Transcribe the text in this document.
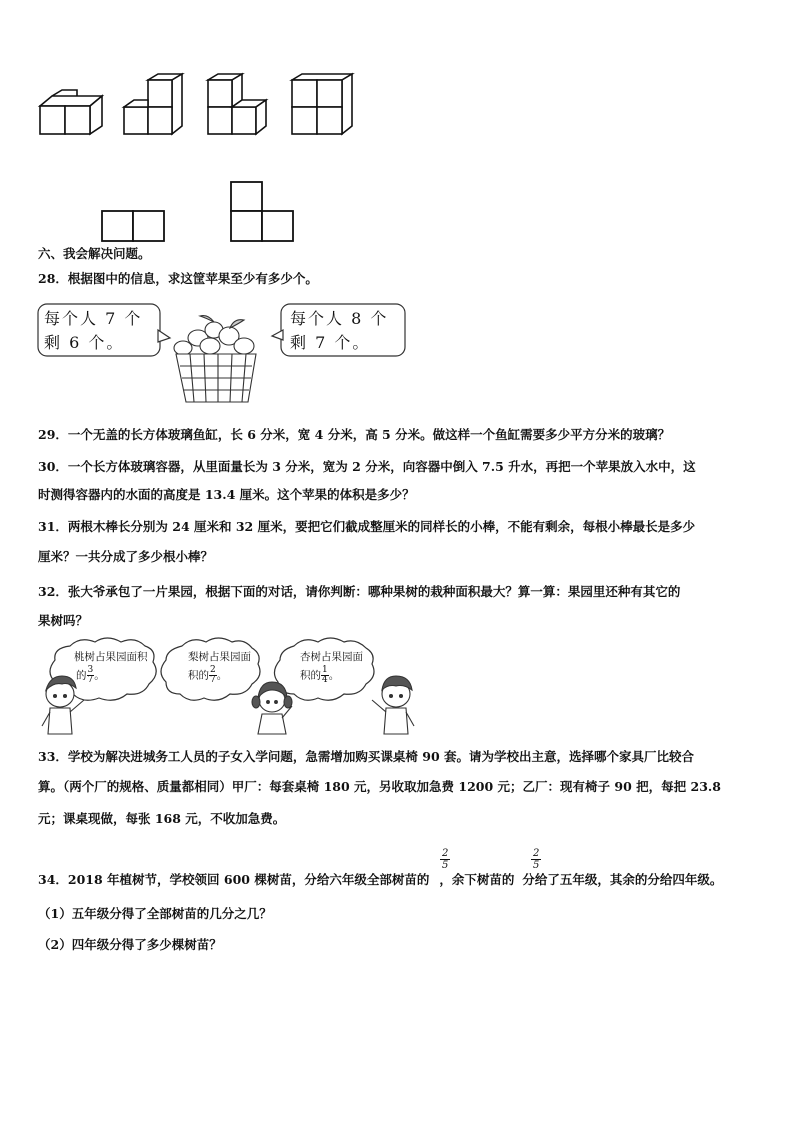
六、我会解决问题。
28．根据图中的信息，求这筐苹果至少有多少个。
每个人 7 个
剩 6 个。
每个人 8 个
剩 7 个。
29．一个无盖的长方体玻璃鱼缸，长 6 分米，宽 4 分米，高 5 分米。做这样一个鱼缸需要多少平方分米的玻璃？
30．一个长方体玻璃容器，从里面量长为 3 分米，宽为 2 分米，向容器中倒入 7.5 升水，再把一个苹果放入水中，这
时测得容器内的水面的高度是 13.4 厘米。这个苹果的体积是多少？
31．两根木棒长分别为 24 厘米和 32 厘米，要把它们截成整厘米的同样长的小棒，不能有剩余，每根小棒最长是多少
厘米？一共分成了多少根小棒？
32．张大爷承包了一片果园，根据下面的对话，请你判断：哪种果树的栽种面积最大？算一算：果园里还种有其它的
果树吗？
桃树占果园面积
的 $\frac{3}{7}$ 。
梨树占果园面
积的 $\frac{2}{7}$ 。
杏树占果园面
积的 $\frac{1}{4}$ 。
33．学校为解决进城务工人员的子女入学问题，急需增加购买课桌椅 90 套。请为学校出主意，选择哪个家具厂比较合
算。（两个厂的规格、质量都相同）甲厂：每套桌椅 180 元，另收取加急费 1200 元；乙厂：现有椅子 90 把，每把 23.8
元；课桌现做，每张 168 元，不收加急费。
34．2018 年植树节，学校领回 600 棵树苗，分给六年级全部树苗的 ，余下树苗的 分给了五年级，其余的分给四年级。
$\frac{2}{5}$	$\frac{2}{5}$
（1）五年级分得了全部树苗的几分之几？
（2）四年级分得了多少棵树苗？
